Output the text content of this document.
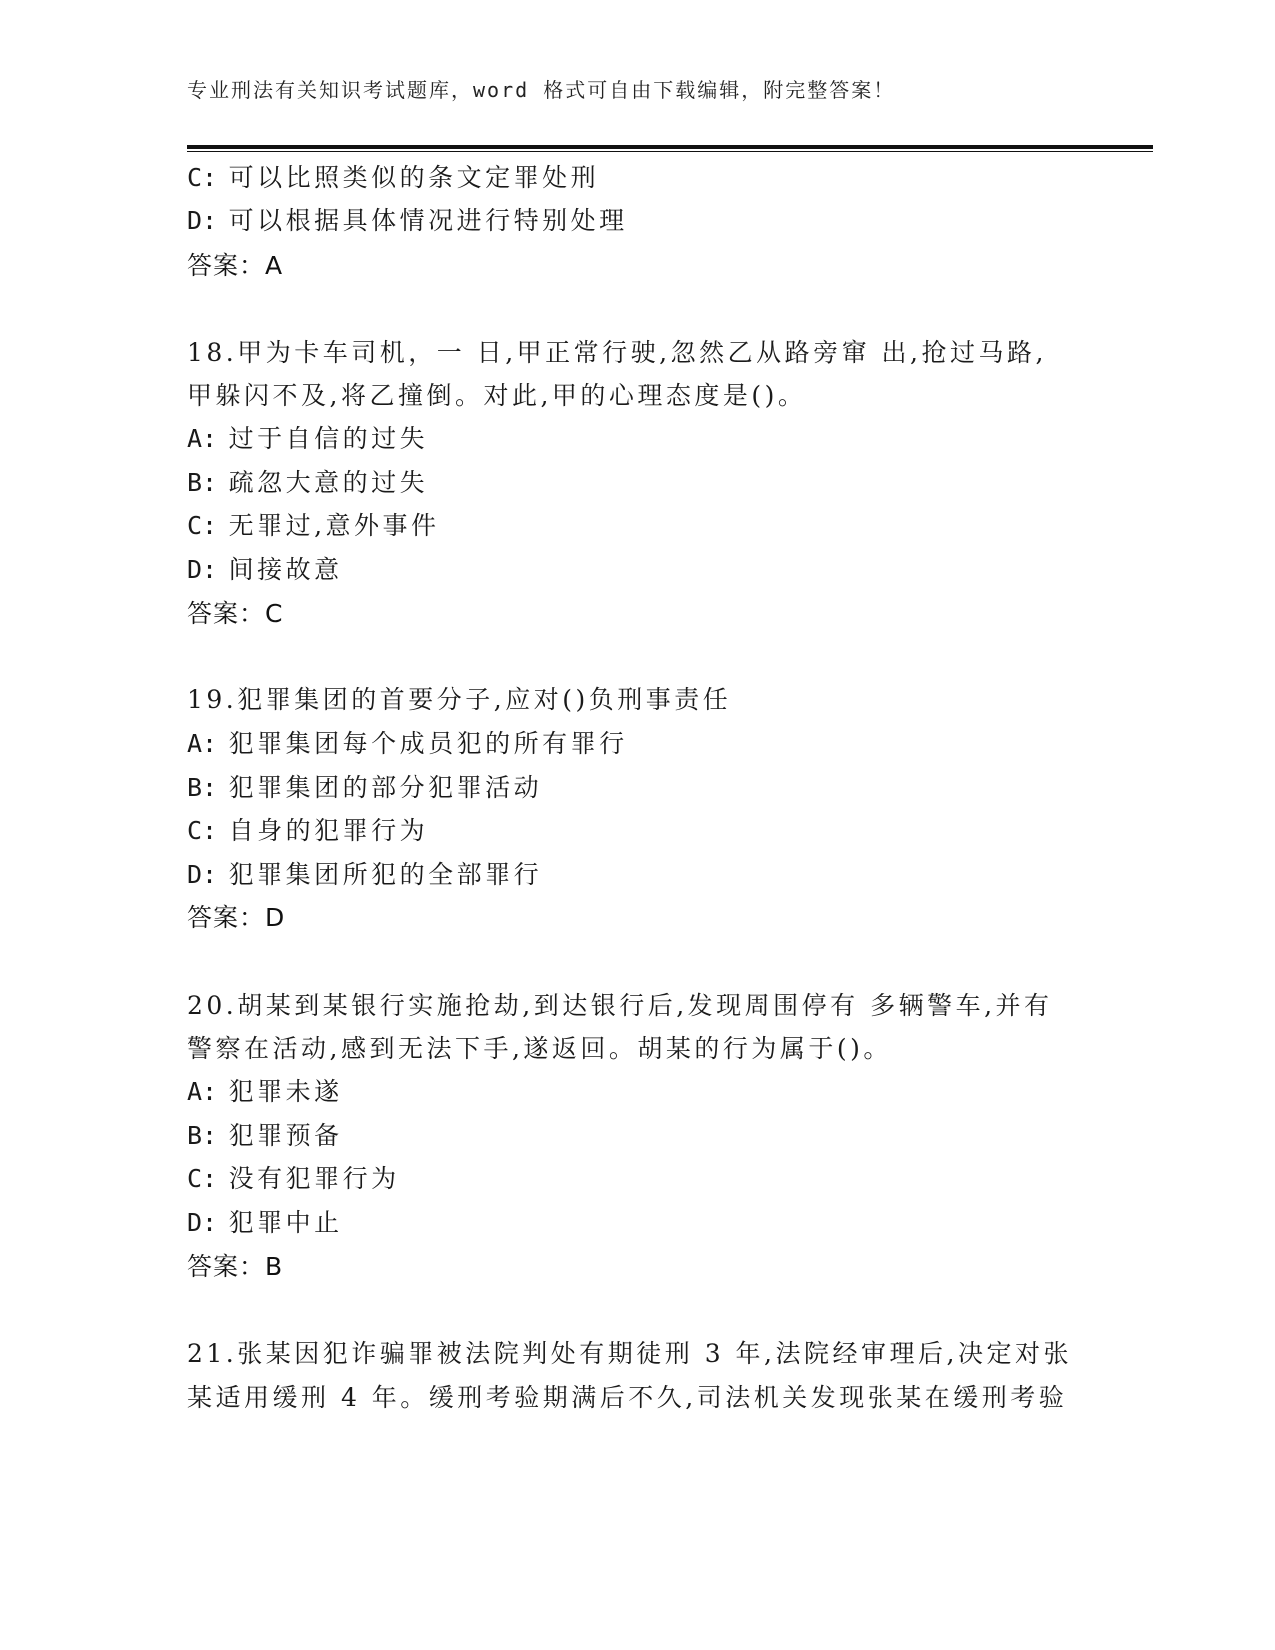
专业刑法有关知识考试题库，word 格式可自由下载编辑，附完整答案！
C: 可以比照类似的条文定罪处刑
D: 可以根据具体情况进行特别处理
答案：A
18.甲为卡车司机，一 日,甲正常行驶,忽然乙从路旁窜 出,抢过马路,
甲躲闪不及,将乙撞倒。对此,甲的心理态度是()。
A: 过于自信的过失
B: 疏忽大意的过失
C: 无罪过,意外事件
D: 间接故意
答案：C
19.犯罪集团的首要分子,应对()负刑事责任
A: 犯罪集团每个成员犯的所有罪行
B: 犯罪集团的部分犯罪活动
C: 自身的犯罪行为
D: 犯罪集团所犯的全部罪行
答案：D
20.胡某到某银行实施抢劫,到达银行后,发现周围停有 多辆警车,并有
警察在活动,感到无法下手,遂返回。胡某的行为属于()。
A: 犯罪未遂
B: 犯罪预备
C: 没有犯罪行为
D: 犯罪中止
答案：B
21.张某因犯诈骗罪被法院判处有期徒刑 3 年,法院经审理后,决定对张
某适用缓刑 4 年。缓刑考验期满后不久,司法机关发现张某在缓刑考验
